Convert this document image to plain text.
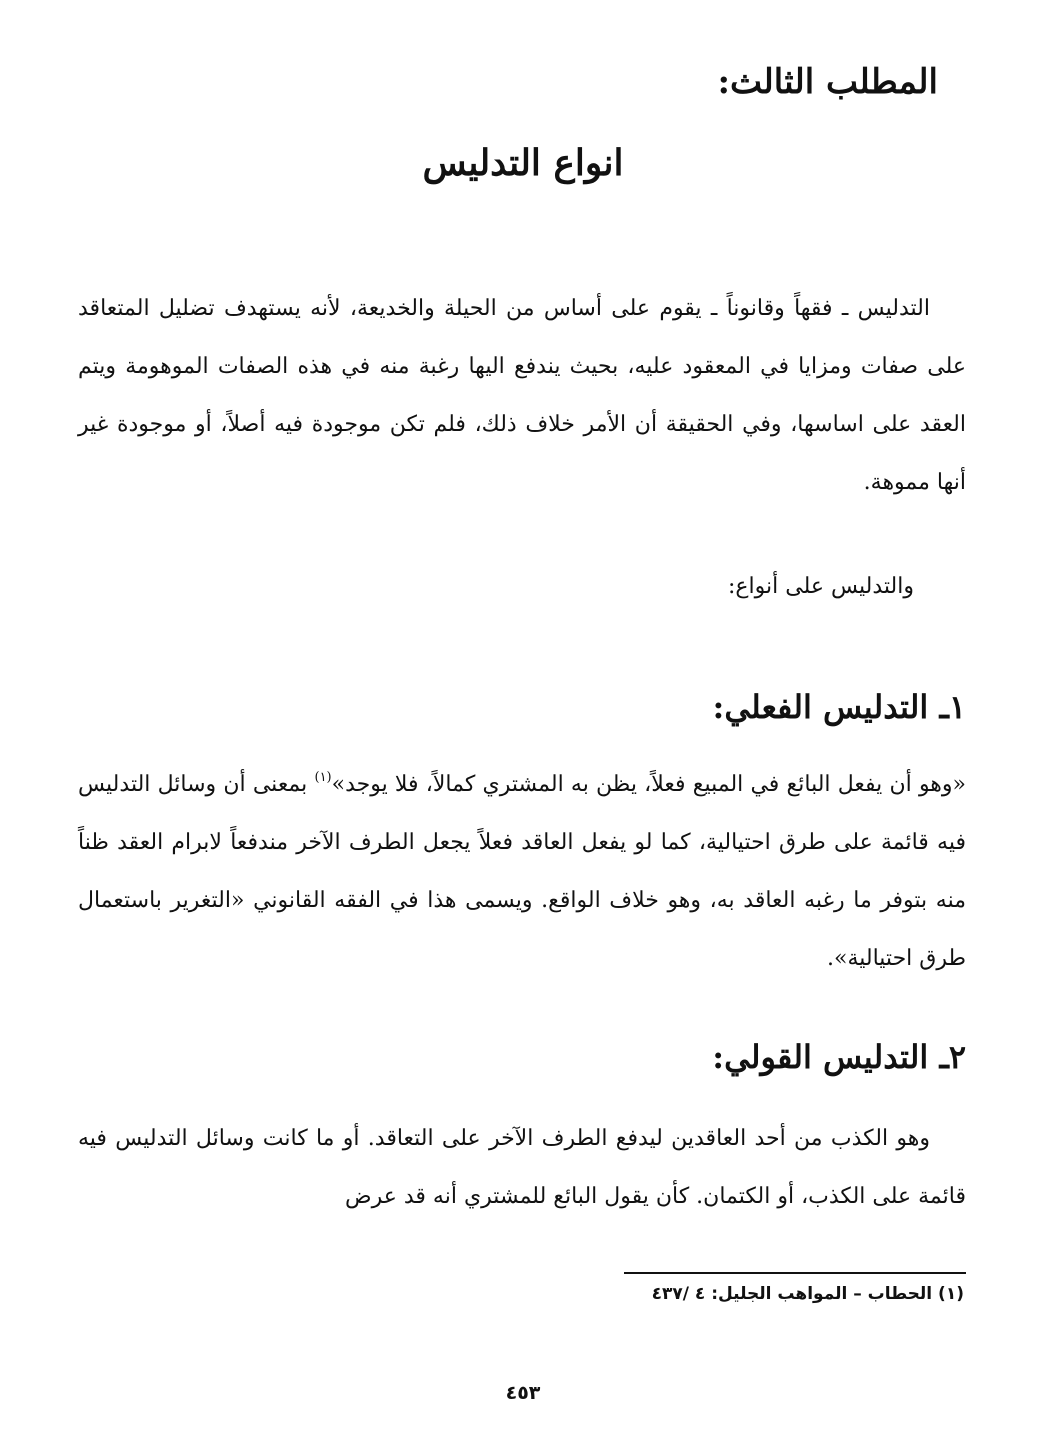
المطلب الثالث:
انواع التدليس

التدليس ـ فقهاً وقانوناً ـ يقوم على أساس من الحيلة والخديعة، لأنه يستهدف تضليل المتعاقد على صفات ومزايا في المعقود عليه، بحيث يندفع اليها رغبة منه في هذه الصفات الموهومة ويتم العقد على اساسها، وفي الحقيقة أن الأمر خلاف ذلك، فلم تكن موجودة فيه أصلاً، أو موجودة غير أنها مموهة.

والتدليس على أنواع:

١ـ التدليس الفعلي:

«وهو أن يفعل البائع في المبيع فعلاً، يظن به المشتري كمالاً، فلا يوجد»$^{(١)}$ بمعنى أن وسائل التدليس فيه قائمة على طرق احتيالية، كما لو يفعل العاقد فعلاً يجعل الطرف الآخر مندفعاً لابرام العقد ظناً منه بتوفر ما رغبه العاقد به، وهو خلاف الواقع. ويسمى هذا في الفقه القانوني «التغرير باستعمال طرق احتيالية».

٢ـ التدليس القولي:

وهو الكذب من أحد العاقدين ليدفع الطرف الآخر على التعاقد. أو ما كانت وسائل التدليس فيه قائمة على الكذب، أو الكتمان. كأن يقول البائع للمشتري أنه قد عرض

(١) الحطاب – المواهب الجليل: ٤ /٤٣٧

٤٥٣
